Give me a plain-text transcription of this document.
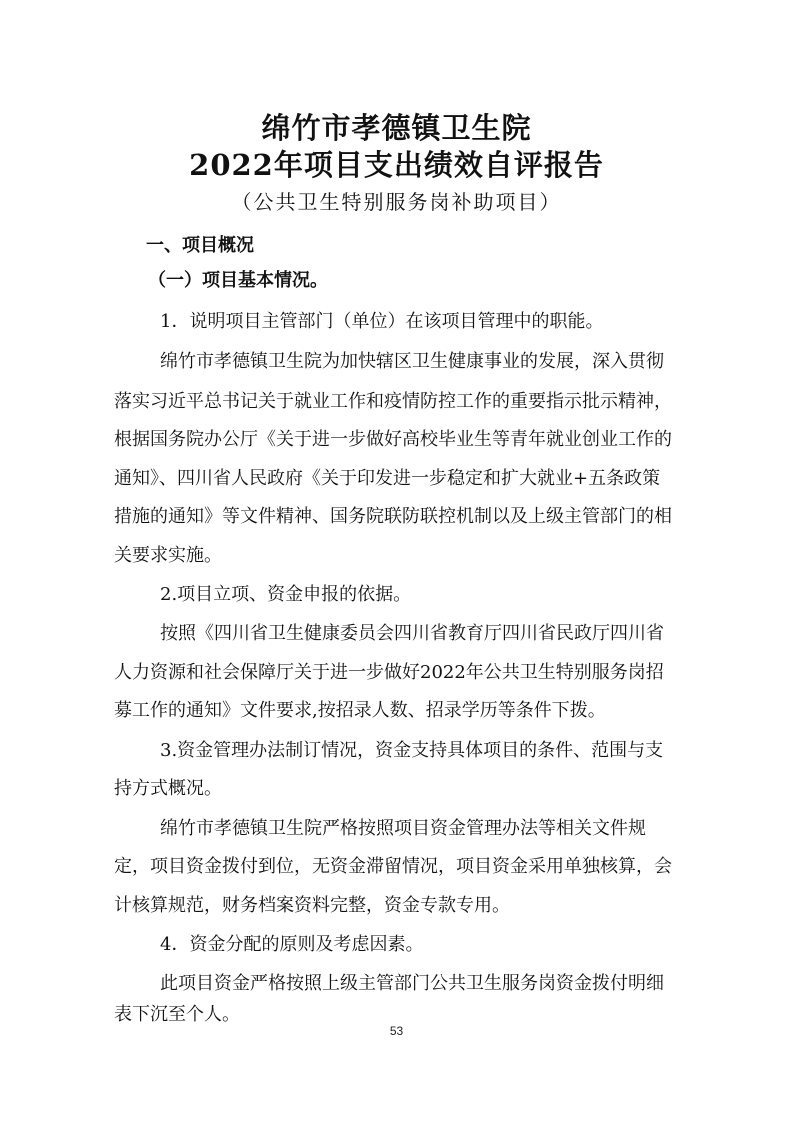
绵竹市孝德镇卫生院
2022年项目支出绩效自评报告
（公共卫生特别服务岗补助项目）
一、项目概况
（一）项目基本情况。
1．说明项目主管部门（单位）在该项目管理中的职能。
绵竹市孝德镇卫生院为加快辖区卫生健康事业的发展，深入贯彻
落实习近平总书记关于就业工作和疫情防控工作的重要指示批示精神，
根据国务院办公厅《关于进一步做好高校毕业生等青年就业创业工作的
通知》、四川省人民政府《关于印发进一步稳定和扩大就业+五条政策
措施的通知》等文件精神、国务院联防联控机制以及上级主管部门的相
关要求实施。
2.项目立项、资金申报的依据。
按照《四川省卫生健康委员会四川省教育厅四川省民政厅四川省
人力资源和社会保障厅关于进一步做好2022年公共卫生特别服务岗招
募工作的通知》文件要求,按招录人数、招录学历等条件下拨。
3.资金管理办法制订情况，资金支持具体项目的条件、范围与支
持方式概况。
绵竹市孝德镇卫生院严格按照项目资金管理办法等相关文件规
定，项目资金拨付到位，无资金滞留情况，项目资金采用单独核算，会
计核算规范，财务档案资料完整，资金专款专用。
4．资金分配的原则及考虑因素。
此项目资金严格按照上级主管部门公共卫生服务岗资金拨付明细
表下沉至个人。
53
